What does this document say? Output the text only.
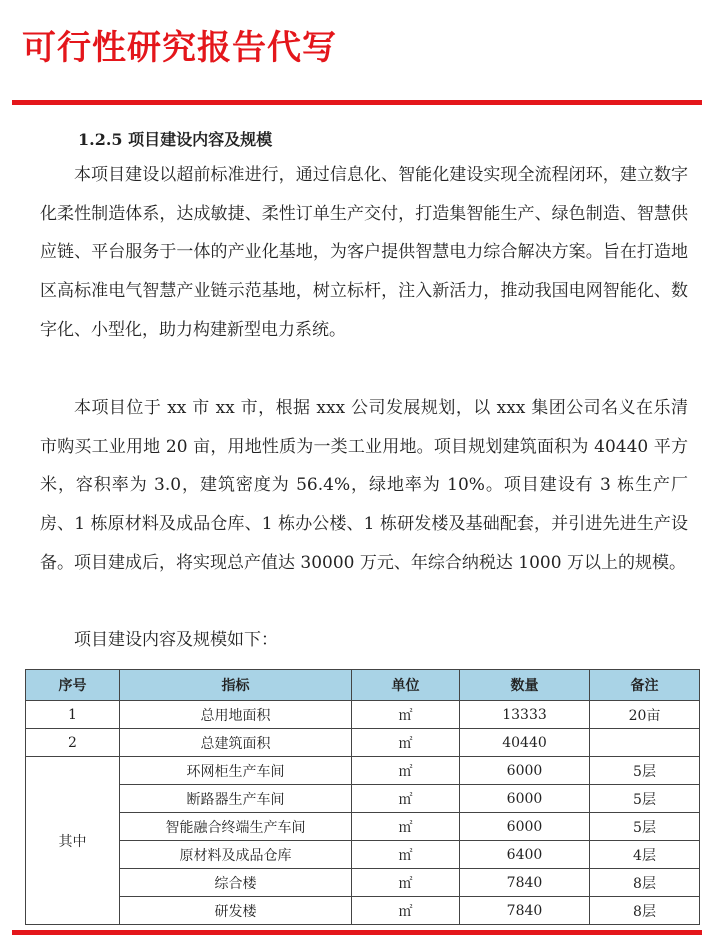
可行性研究报告代写
1.2.5 项目建设内容及规模

本项目建设以超前标准进行，通过信息化、智能化建设实现全流程闭环，建立数字化柔性制造体系，达成敏捷、柔性订单生产交付，打造集智能生产、绿色制造、智慧供应链、平台服务于一体的产业化基地，为客户提供智慧电力综合解决方案。旨在打造地区高标准电气智慧产业链示范基地，树立标杆，注入新活力，推动我国电网智能化、数字化、小型化，助力构建新型电力系统。

本项目位于 xx 市 xx 市，根据 xxx 公司发展规划，以 xxx 集团公司名义在乐清市购买工业用地 20 亩，用地性质为一类工业用地。项目规划建筑面积为 40440 平方米，容积率为 3.0，建筑密度为 56.4%，绿地率为 10%。项目建设有 3 栋生产厂房、1 栋原材料及成品仓库、1 栋办公楼、1 栋研发楼及基础配套，并引进先进生产设备。项目建成后，将实现总产值达 30000 万元、年综合纳税达 1000 万以上的规模。

项目建设内容及规模如下：
序号	指标	单位	数量	备注
1	总用地面积	㎡	13333	20亩
2	总建筑面积	㎡	40440	
其中	环网柜生产车间	㎡	6000	5层
	断路器生产车间	㎡	6000	5层
	智能融合终端生产车间	㎡	6000	5层
	原材料及成品仓库	㎡	6400	4层
	综合楼	㎡	7840	8层
	研发楼	㎡	7840	8层
